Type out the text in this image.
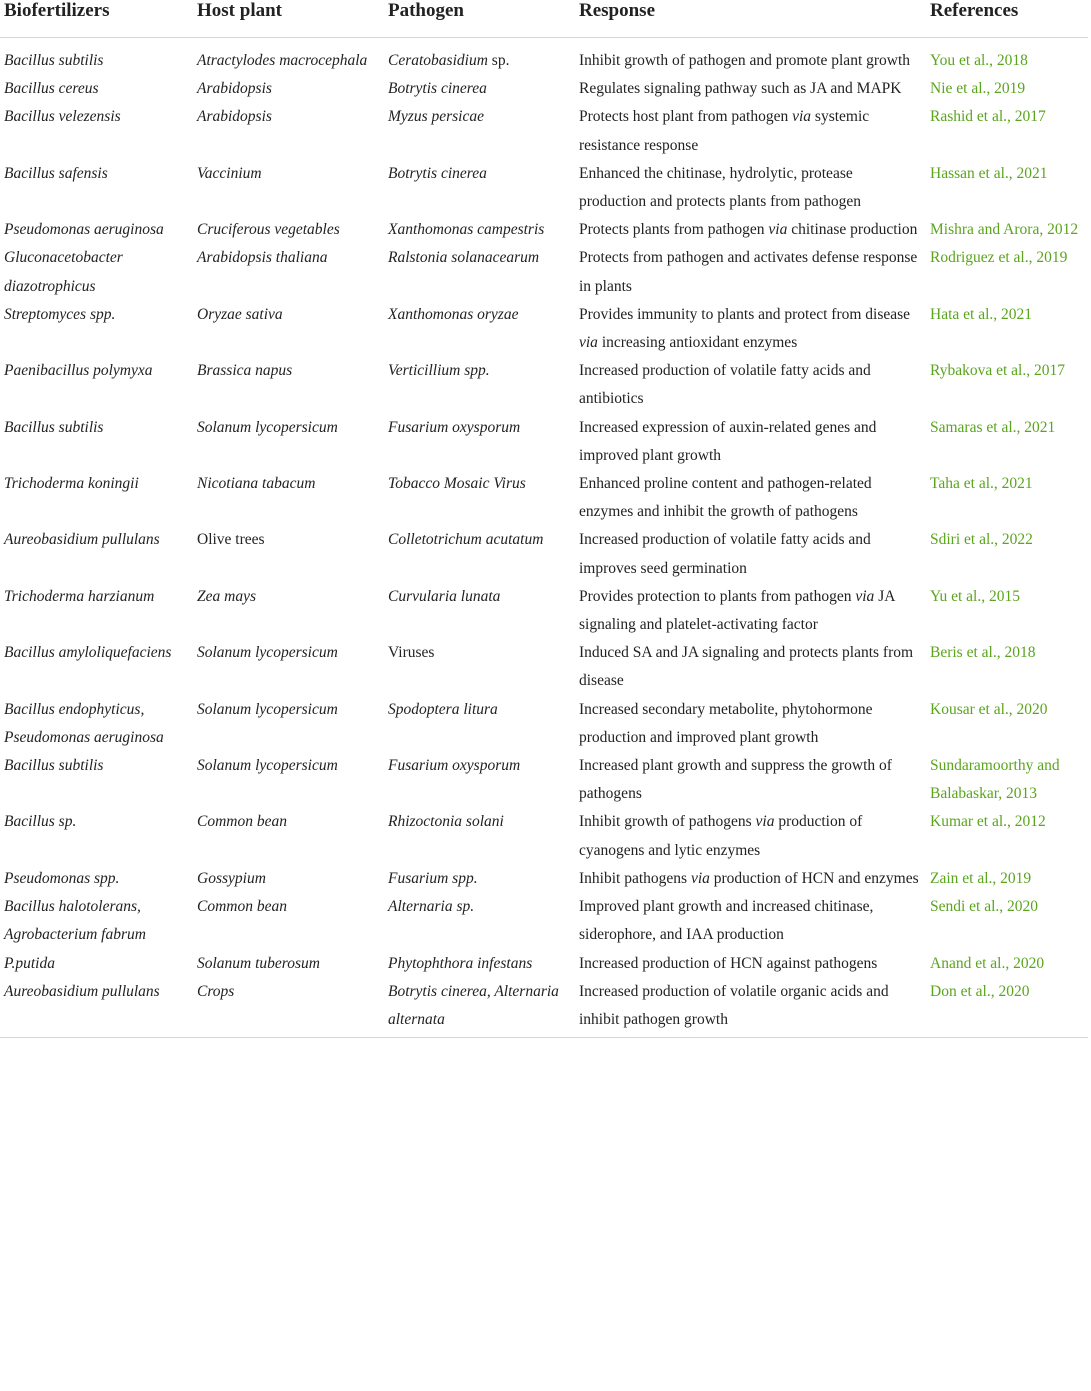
Biofertilizers	Host plant	Pathogen	Response	References
Bacillus subtilis	Atractylodes macrocephala	Ceratobasidium sp.	Inhibit growth of pathogen and promote plant growth	You et al., 2018
Bacillus cereus	Arabidopsis	Botrytis cinerea	Regulates signaling pathway such as JA and MAPK	Nie et al., 2019
Bacillus velezensis	Arabidopsis	Myzus persicae	Protects host plant from pathogen via systemic resistance response	Rashid et al., 2017
Bacillus safensis	Vaccinium	Botrytis cinerea	Enhanced the chitinase, hydrolytic, protease production and protects plants from pathogen	Hassan et al., 2021
Pseudomonas aeruginosa	Cruciferous vegetables	Xanthomonas campestris	Protects plants from pathogen via chitinase production	Mishra and Arora, 2012
Gluconacetobacter diazotrophicus	Arabidopsis thaliana	Ralstonia solanacearum	Protects from pathogen and activates defense response in plants	Rodriguez et al., 2019
Streptomyces spp.	Oryzae sativa	Xanthomonas oryzae	Provides immunity to plants and protect from disease via increasing antioxidant enzymes	Hata et al., 2021
Paenibacillus polymyxa	Brassica napus	Verticillium spp.	Increased production of volatile fatty acids and antibiotics	Rybakova et al., 2017
Bacillus subtilis	Solanum lycopersicum	Fusarium oxysporum	Increased expression of auxin-related genes and improved plant growth	Samaras et al., 2021
Trichoderma koningii	Nicotiana tabacum	Tobacco Mosaic Virus	Enhanced proline content and pathogen-related enzymes and inhibit the growth of pathogens	Taha et al., 2021
Aureobasidium pullulans	Olive trees	Colletotrichum acutatum	Increased production of volatile fatty acids and improves seed germination	Sdiri et al., 2022
Trichoderma harzianum	Zea mays	Curvularia lunata	Provides protection to plants from pathogen via JA signaling and platelet-activating factor	Yu et al., 2015
Bacillus amyloliquefaciens	Solanum lycopersicum	Viruses	Induced SA and JA signaling and protects plants from disease	Beris et al., 2018
Bacillus endophyticus, Pseudomonas aeruginosa	Solanum lycopersicum	Spodoptera litura	Increased secondary metabolite, phytohormone production and improved plant growth	Kousar et al., 2020
Bacillus subtilis	Solanum lycopersicum	Fusarium oxysporum	Increased plant growth and suppress the growth of pathogens	Sundaramoorthy and Balabaskar, 2013
Bacillus sp.	Common bean	Rhizoctonia solani	Inhibit growth of pathogens via production of cyanogens and lytic enzymes	Kumar et al., 2012
Pseudomonas spp.	Gossypium	Fusarium spp.	Inhibit pathogens via production of HCN and enzymes	Zain et al., 2019
Bacillus halotolerans, Agrobacterium fabrum	Common bean	Alternaria sp.	Improved plant growth and increased chitinase, siderophore, and IAA production	Sendi et al., 2020
P.putida	Solanum tuberosum	Phytophthora infestans	Increased production of HCN against pathogens	Anand et al., 2020
Aureobasidium pullulans	Crops	Botrytis cinerea, Alternaria alternata	Increased production of volatile organic acids and inhibit pathogen growth	Don et al., 2020
